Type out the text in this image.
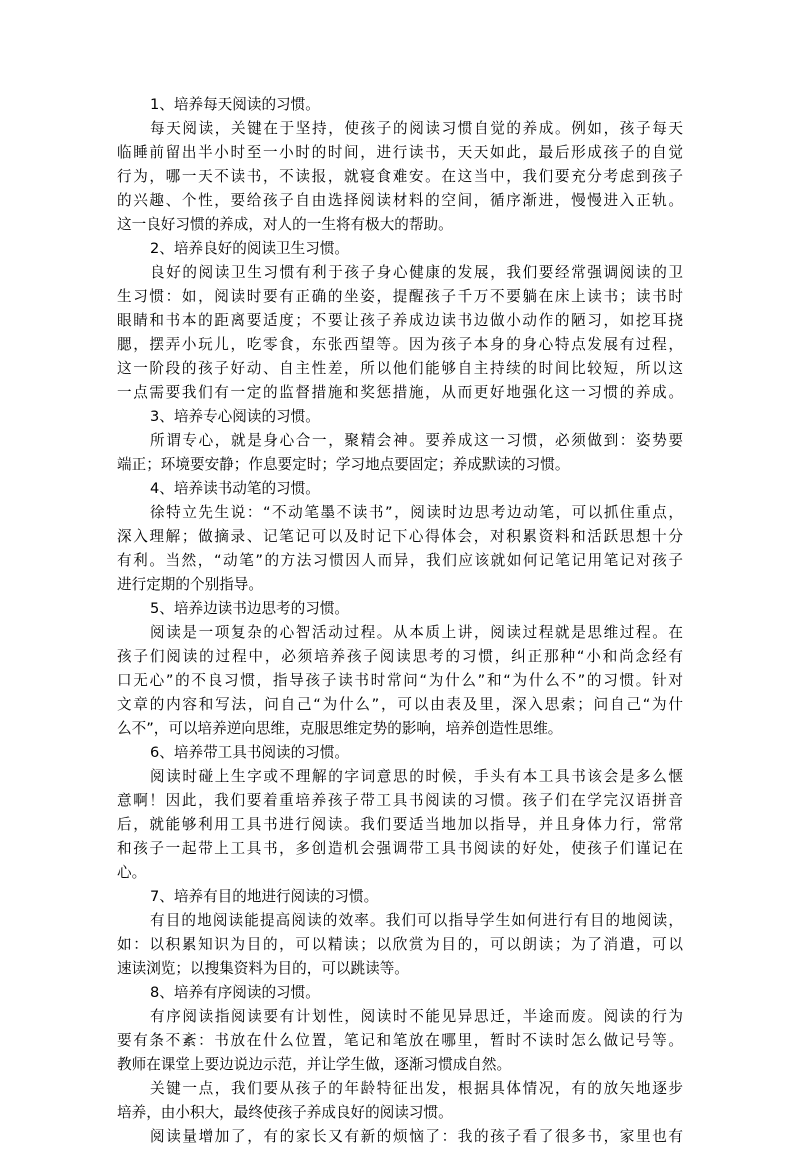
1、培养每天阅读的习惯。
每天阅读，关键在于坚持，使孩子的阅读习惯自觉的养成。例如，孩子每天
临睡前留出半小时至一小时的时间，进行读书，天天如此，最后形成孩子的自觉
行为，哪一天不读书，不读报，就寝食难安。在这当中，我们要充分考虑到孩子
的兴趣、个性，要给孩子自由选择阅读材料的空间，循序渐进，慢慢进入正轨。
这一良好习惯的养成，对人的一生将有极大的帮助。
2、培养良好的阅读卫生习惯。
良好的阅读卫生习惯有利于孩子身心健康的发展，我们要经常强调阅读的卫
生习惯：如，阅读时要有正确的坐姿，提醒孩子千万不要躺在床上读书；读书时
眼睛和书本的距离要适度；不要让孩子养成边读书边做小动作的陋习，如挖耳挠
腮，摆弄小玩儿，吃零食，东张西望等。因为孩子本身的身心特点发展有过程，
这一阶段的孩子好动、自主性差，所以他们能够自主持续的时间比较短，所以这
一点需要我们有一定的监督措施和奖惩措施，从而更好地强化这一习惯的养成。
3、培养专心阅读的习惯。
所谓专心，就是身心合一，聚精会神。要养成这一习惯，必须做到：姿势要
端正；环境要安静；作息要定时；学习地点要固定；养成默读的习惯。
4、培养读书动笔的习惯。
徐特立先生说：“不动笔墨不读书”，阅读时边思考边动笔，可以抓住重点，
深入理解；做摘录、记笔记可以及时记下心得体会，对积累资料和活跃思想十分
有利。当然，“动笔”的方法习惯因人而异，我们应该就如何记笔记用笔记对孩子
进行定期的个别指导。
5、培养边读书边思考的习惯。
阅读是一项复杂的心智活动过程。从本质上讲，阅读过程就是思维过程。在
孩子们阅读的过程中，必须培养孩子阅读思考的习惯，纠正那种“小和尚念经有
口无心”的不良习惯，指导孩子读书时常问“为什么”和“为什么不”的习惯。针对
文章的内容和写法，问自己“为什么”，可以由表及里，深入思索；问自己“为什
么不”，可以培养逆向思维，克服思维定势的影响，培养创造性思维。
6、培养带工具书阅读的习惯。
阅读时碰上生字或不理解的字词意思的时候，手头有本工具书该会是多么惬
意啊！因此，我们要着重培养孩子带工具书阅读的习惯。孩子们在学完汉语拼音
后，就能够利用工具书进行阅读。我们要适当地加以指导，并且身体力行，常常
和孩子一起带上工具书，多创造机会强调带工具书阅读的好处，使孩子们谨记在
心。
7、培养有目的地进行阅读的习惯。
有目的地阅读能提高阅读的效率。我们可以指导学生如何进行有目的地阅读，
如：以积累知识为目的，可以精读；以欣赏为目的，可以朗读；为了消遣，可以
速读浏览；以搜集资料为目的，可以跳读等。
8、培养有序阅读的习惯。
有序阅读指阅读要有计划性，阅读时不能见异思迁，半途而废。阅读的行为
要有条不紊：书放在什么位置，笔记和笔放在哪里，暂时不读时怎么做记号等。
教师在课堂上要边说边示范，并让学生做，逐渐习惯成自然。
关键一点，我们要从孩子的年龄特征出发，根据具体情况，有的放矢地逐步
培养，由小积大，最终使孩子养成良好的阅读习惯。
阅读量增加了，有的家长又有新的烦恼了：我的孩子看了很多书，家里也有
